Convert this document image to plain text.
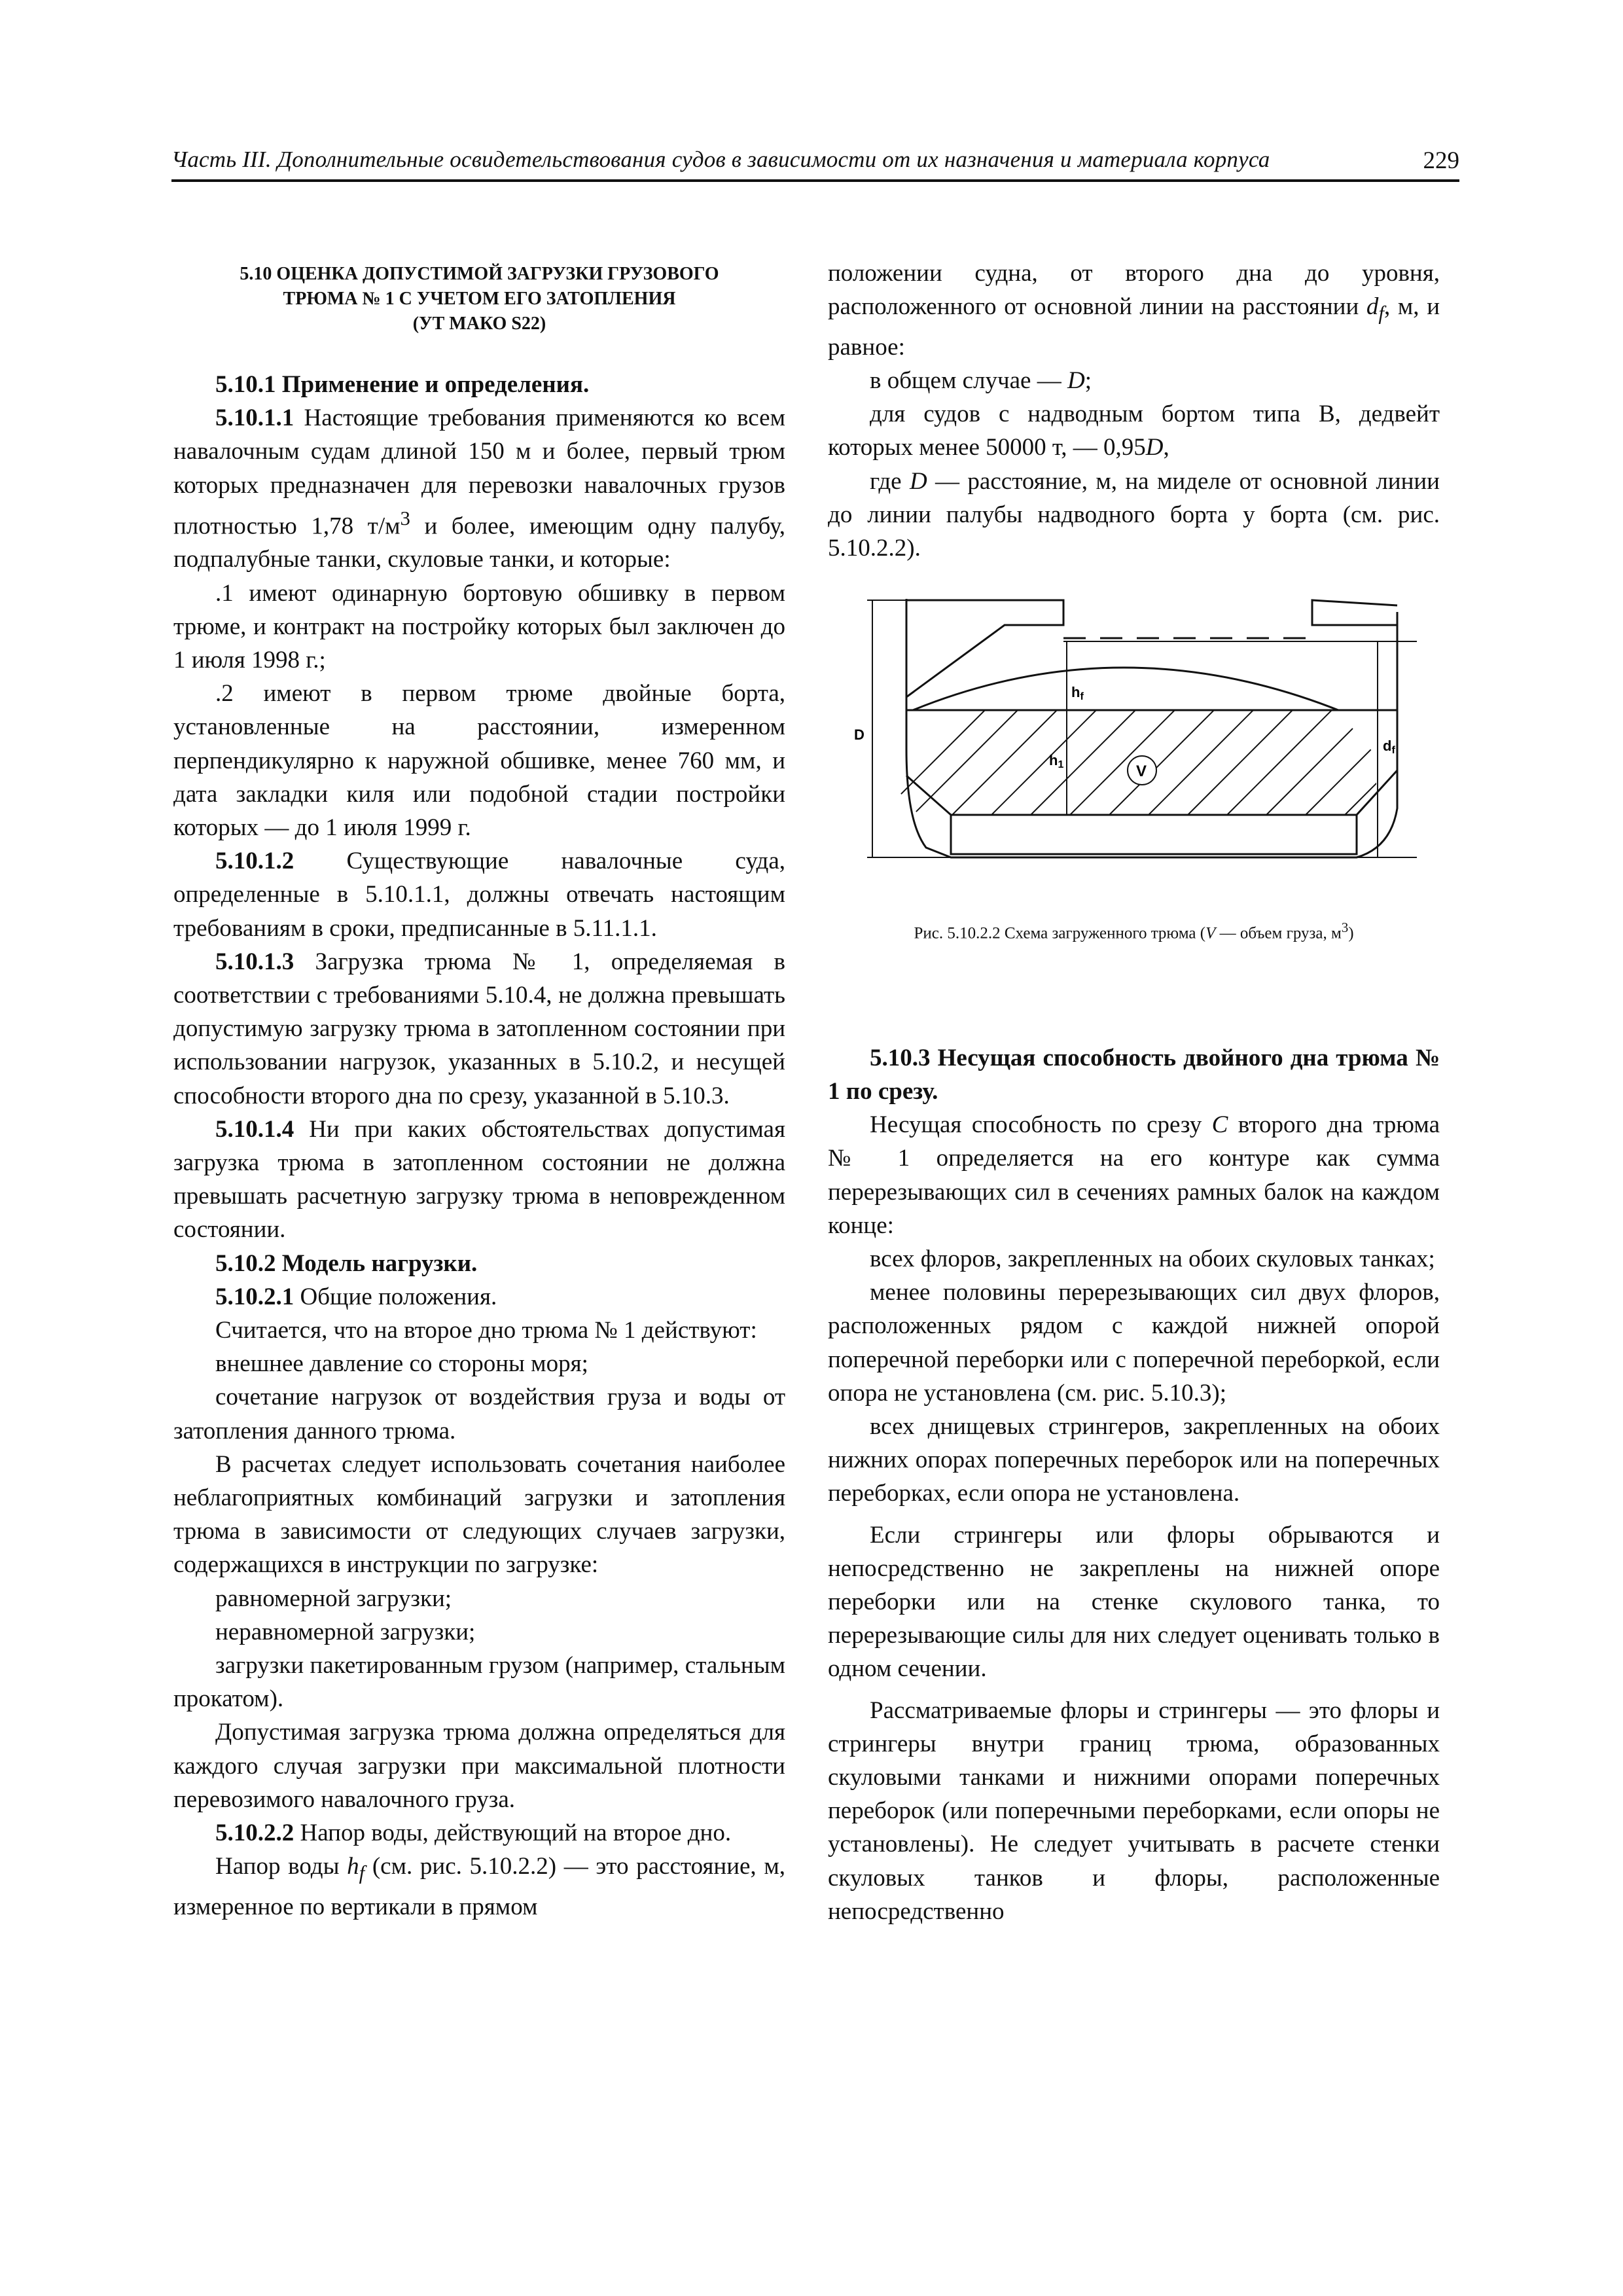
Часть III. Дополнительные освидетельствования судов в зависимости от их назначения и материала корпуса	229
5.10 ОЦЕНКА ДОПУСТИМОЙ ЗАГРУЗКИ ГРУЗОВОГО
ТРЮМА № 1 С УЧЕТОМ ЕГО ЗАТОПЛЕНИЯ
(УТ МАКО S22)

5.10.1 Применение и определения.

5.10.1.1 Настоящие требования применяются ко всем навалочным судам длиной 150 м и более, первый трюм которых предназначен для перевозки навалочных грузов плотностью 1,78 $т/м^3$ и более, имеющим одну палубу, подпалубные танки, скуловые танки, и которые:

.1 имеют одинарную бортовую обшивку в первом трюме, и контракт на постройку которых был заключен до 1 июля 1998 г.;

.2 имеют в первом трюме двойные борта, установленные на расстоянии, измеренном перпендикулярно к наружной обшивке, менее 760 мм, и дата закладки киля или подобной стадии постройки которых — до 1 июля 1999 г.

5.10.1.2 Существующие навалочные суда, определенные в 5.10.1.1, должны отвечать настоящим требованиям в сроки, предписанные в 5.11.1.1.

5.10.1.3 Загрузка трюма № 1, определяемая в соответствии с требованиями 5.10.4, не должна превышать допустимую загрузку трюма в затопленном состоянии при использовании нагрузок, указанных в 5.10.2, и несущей способности второго дна по срезу, указанной в 5.10.3.

5.10.1.4 Ни при каких обстоятельствах допустимая загрузка трюма в затопленном состоянии не должна превышать расчетную загрузку трюма в неповрежденном состоянии.

5.10.2 Модель нагрузки.

5.10.2.1 Общие положения.

Считается, что на второе дно трюма № 1 действуют:

внешнее давление со стороны моря;

сочетание нагрузок от воздействия груза и воды от затопления данного трюма.

В расчетах следует использовать сочетания наиболее неблагоприятных комбинаций загрузки и затопления трюма в зависимости от следующих случаев загрузки, содержащихся в инструкции по загрузке:

равномерной загрузки;

неравномерной загрузки;

загрузки пакетированным грузом (например, стальным прокатом).

Допустимая загрузка трюма должна определяться для каждого случая загрузки при максимальной плотности перевозимого навалочного груза.

5.10.2.2 Напор воды, действующий на второе дно.

Напор воды $h_f$ (см. рис. 5.10.2.2) — это расстояние, м, измеренное по вертикали в прямом

положении судна, от второго дна до уровня, расположенного от основной линии на расстоянии $d_f$, м, и равное:

в общем случае — D;

для судов с надводным бортом типа В, дедвейт которых менее 50000 т, — 0,95D,

где D — расстояние, м, на миделе от основной линии до линии палубы надводного борта у борта (см. рис. 5.10.2.2).

V
D
df
hf
h1

Рис. 5.10.2.2 Схема загруженного трюма (V — объем груза, $м^3$)

5.10.3 Несущая способность двойного дна трюма № 1 по срезу.

Несущая способность по срезу C второго дна трюма № 1 определяется на его контуре как сумма перерезывающих сил в сечениях рамных балок на каждом конце:

всех флоров, закрепленных на обоих скуловых танках;

менее половины перерезывающих сил двух флоров, расположенных рядом с каждой нижней опорой поперечной переборки или с поперечной переборкой, если опора не установлена (см. рис. 5.10.3);

всех днищевых стрингеров, закрепленных на обоих нижних опорах поперечных переборок или на поперечных переборках, если опора не установлена.

Если стрингеры или флоры обрываются и непосредственно не закреплены на нижней опоре переборки или на стенке скулового танка, то перерезывающие силы для них следует оценивать только в одном сечении.

Рассматриваемые флоры и стрингеры — это флоры и стрингеры внутри границ трюма, образованных скуловыми танками и нижними опорами поперечных переборок (или поперечными переборками, если опоры не установлены). Не следует учитывать в расчете стенки скуловых танков и флоры, расположенные непосредственно
